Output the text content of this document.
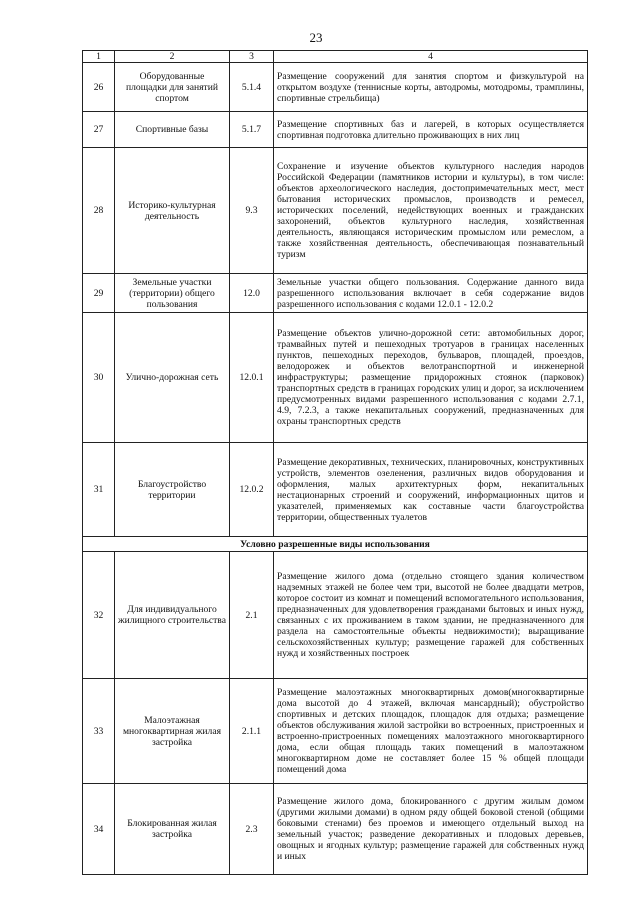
23
1	2	3	4
26	Оборудованные площадки для занятий спортом	5.1.4	Размещение сооружений для занятия спортом и физкультурой на открытом воздухе (теннисные корты, автодромы, мотодромы, трамплины, спортивные стрельбища)
27	Спортивные базы	5.1.7	Размещение спортивных баз и лагерей, в которых осуществляется спортивная подготовка длительно проживающих в них лиц
28	Историко-культурная деятельность	9.3	Сохранение и изучение объектов культурного наследия народов Российской Федерации (памятников истории и культуры), в том числе: объектов археологического наследия, достопримечательных мест, мест бытования исторических промыслов, производств и ремесел, исторических поселений, недействующих военных и гражданских захоронений, объектов культурного наследия, хозяйственная деятельность, являющаяся историческим промыслом или ремеслом, а также хозяйственная деятельность, обеспечивающая познавательный туризм
29	Земельные участки (территории) общего пользования	12.0	Земельные участки общего пользования. Содержание данного вида разрешенного использования включает в себя содержание видов разрешенного использования с кодами 12.0.1 - 12.0.2
30	Улично-дорожная сеть	12.0.1	Размещение объектов улично-дорожной сети: автомобильных дорог, трамвайных путей и пешеходных тротуаров в границах населенных пунктов, пешеходных переходов, бульваров, площадей, проездов, велодорожек и объектов велотранспортной и инженерной инфраструктуры; размещение придорожных стоянок (парковок) транспортных средств в границах городских улиц и дорог, за исключением предусмотренных видами разрешенного использования с кодами 2.7.1, 4.9, 7.2.3, а также некапитальных сооружений, предназначенных для охраны транспортных средств
31	Благоустройство территории	12.0.2	Размещение декоративных, технических, планировочных, конструктивных устройств, элементов озеленения, различных видов оборудования и оформления, малых архитектурных форм, некапитальных нестационарных строений и сооружений, информационных щитов и указателей, применяемых как составные части благоустройства территории, общественных туалетов
Условно разрешенные виды использования			
32	Для индивидуального жилищного строительства	2.1	Размещение жилого дома (отдельно стоящего здания количеством надземных этажей не более чем три, высотой не более двадцати метров, которое состоит из комнат и помещений вспомогательного использования, предназначенных для удовлетворения гражданами бытовых и иных нужд, связанных с их проживанием в таком здании, не предназначенного для раздела на самостоятельные объекты недвижимости); выращивание сельскохозяйственных культур; размещение гаражей для собственных нужд и хозяйственных построек
33	Малоэтажная многоквартирная жилая застройка	2.1.1	Размещение малоэтажных многоквартирных домов(многоквартирные дома высотой до 4 этажей, включая мансардный); обустройство спортивных и детских площадок, площадок для отдыха; размещение объектов обслуживания жилой застройки во встроенных, пристроенных и встроенно-пристроенных помещениях малоэтажного многоквартирного дома, если общая площадь таких помещений в малоэтажном многоквартирном доме не составляет более 15 % общей площади помещений дома
34	Блокированная жилая застройка	2.3	Размещение жилого дома, блокированного с другим жилым домом (другими жилыми домами) в одном ряду общей боковой стеной (общими боковыми стенами) без проемов и имеющего отдельный выход на земельный участок; разведение декоративных и плодовых деревьев, овощных и ягодных культур; размещение гаражей для собственных нужд и иных
